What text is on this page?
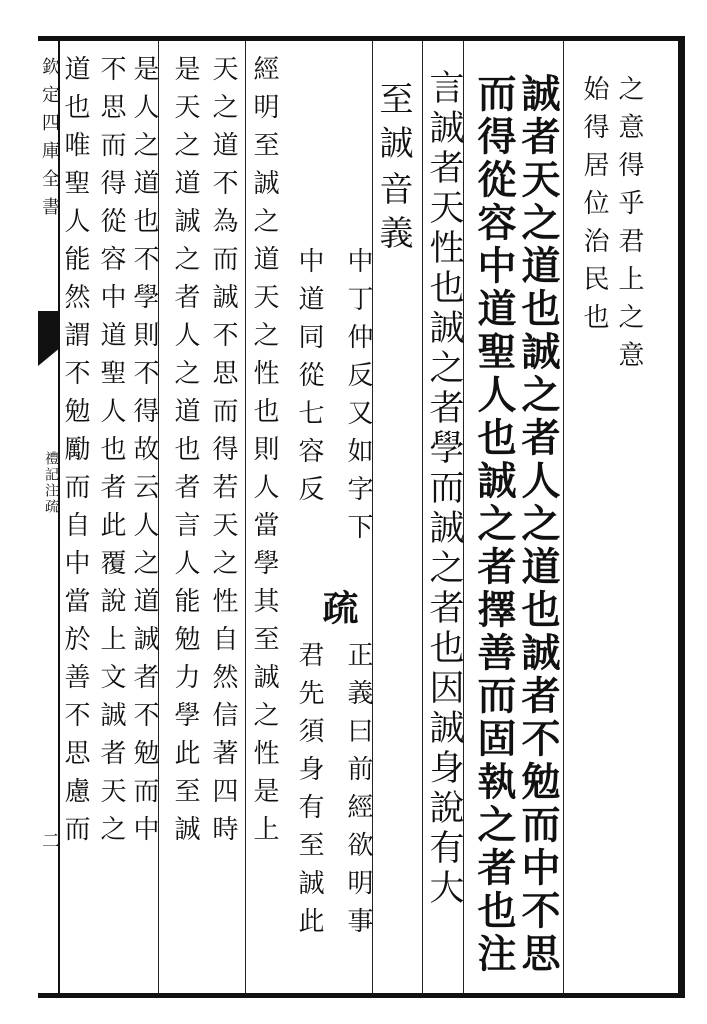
欽定四庫全書
禮記注疏
二
之意得乎君上之意
始得居位治民也
誠者天之道也誠之者人之道也誠者不勉而中不思
而得從容中道聖人也誠之者擇善而固執之者也注
言誠者天性也誠之者學而誠之者也因誠身說有大
至誠音義
中丁仲反又如字下
中道同從七容反
疏
正義曰前經欲明事
君先須身有至誠此
經明至誠之道天之性也則人當學其至誠之性是上
天之道不為而誠不思而得若天之性自然信著四時
是天之道誠之者人之道也者言人能勉力學此至誠
是人之道也不學則不得故云人之道誠者不勉而中
不思而得從容中道聖人也者此覆說上文誠者天之
道也唯聖人能然謂不勉勵而自中當於善不思慮而
